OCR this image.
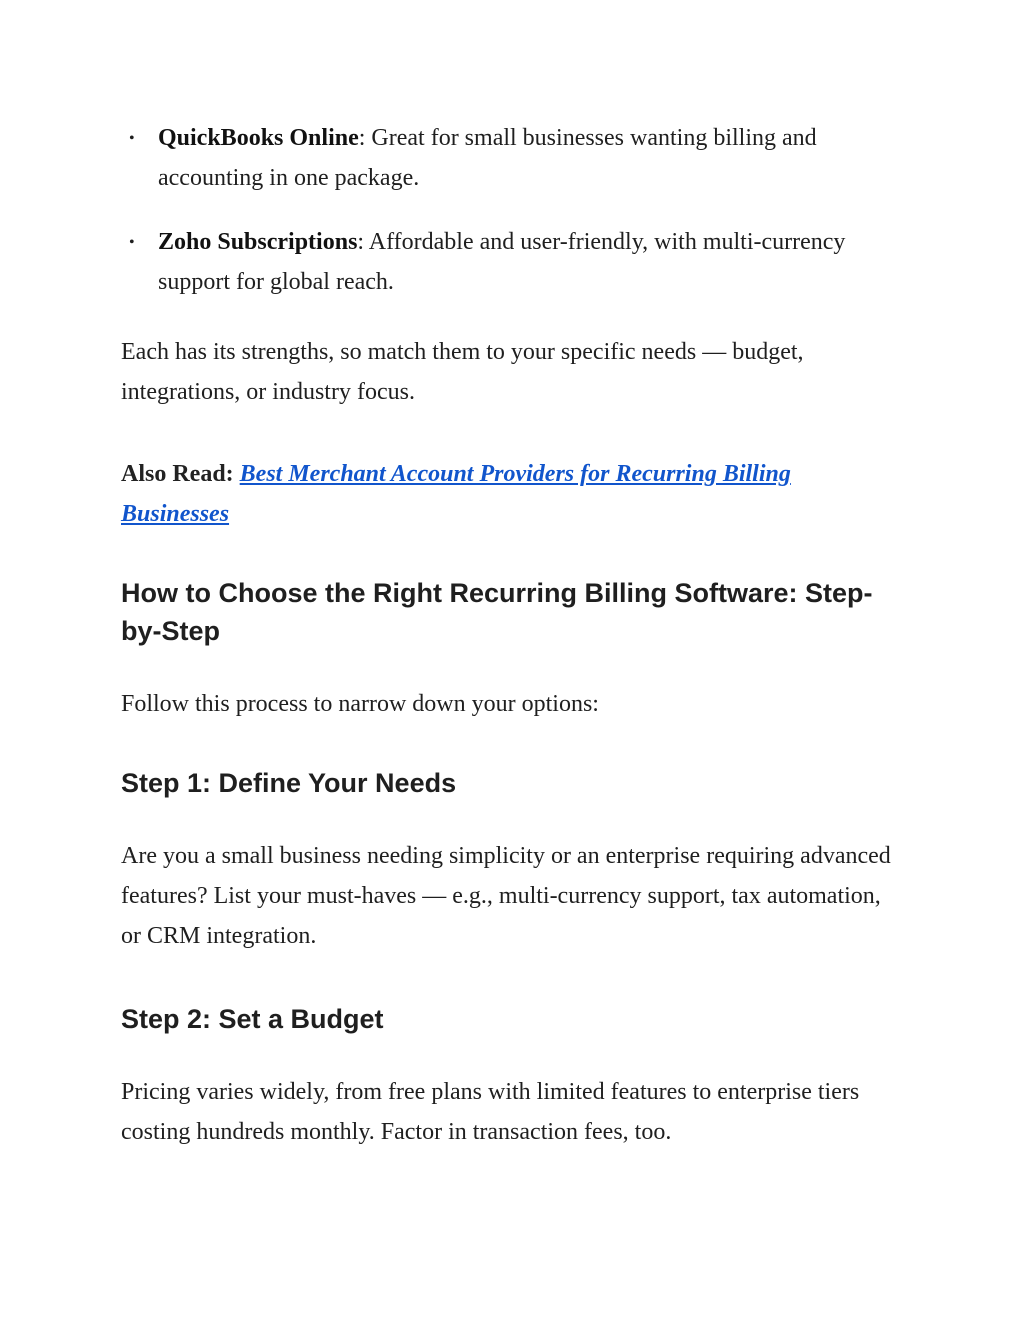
• QuickBooks Online: Great for small businesses wanting billing and accounting in one package.
• Zoho Subscriptions: Affordable and user-friendly, with multi-currency support for global reach.

Each has its strengths, so match them to your specific needs — budget, integrations, or industry focus.

Also Read: Best Merchant Account Providers for Recurring Billing Businesses

How to Choose the Right Recurring Billing Software: Step-by-Step

Follow this process to narrow down your options:

Step 1: Define Your Needs

Are you a small business needing simplicity or an enterprise requiring advanced features? List your must-haves — e.g., multi-currency support, tax automation, or CRM integration.

Step 2: Set a Budget

Pricing varies widely, from free plans with limited features to enterprise tiers costing hundreds monthly. Factor in transaction fees, too.
